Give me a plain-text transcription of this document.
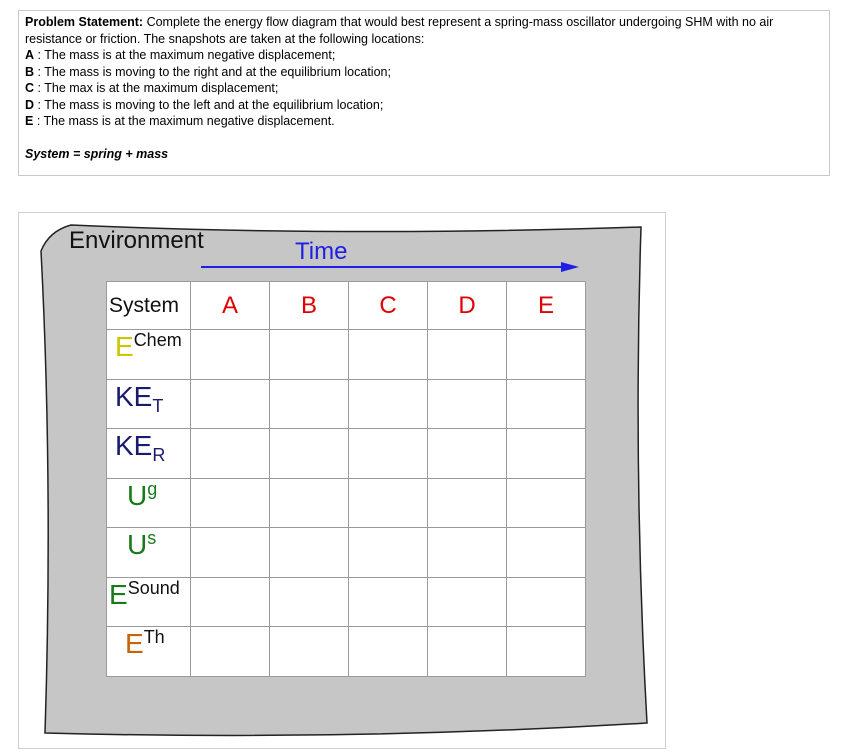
Problem Statement: Complete the energy flow diagram that would best represent a spring-mass oscillator undergoing SHM with no air
resistance or friction. The snapshots are taken at the following locations:
A : The mass is at the maximum negative displacement;
B : The mass is moving to the right and at the equilibrium location;
C : The max is at the maximum displacement;
D : The mass is moving to the left and at the equilibrium location;
E : The mass is at the maximum negative displacement.
System = spring + mass
Environment	Time
System	A	B	C	D	E

$E^{Chem}$

$KE_T$

$KE_R$

$U^g$

$U^s$

$E^{Sound}$

$E^{Th}$
